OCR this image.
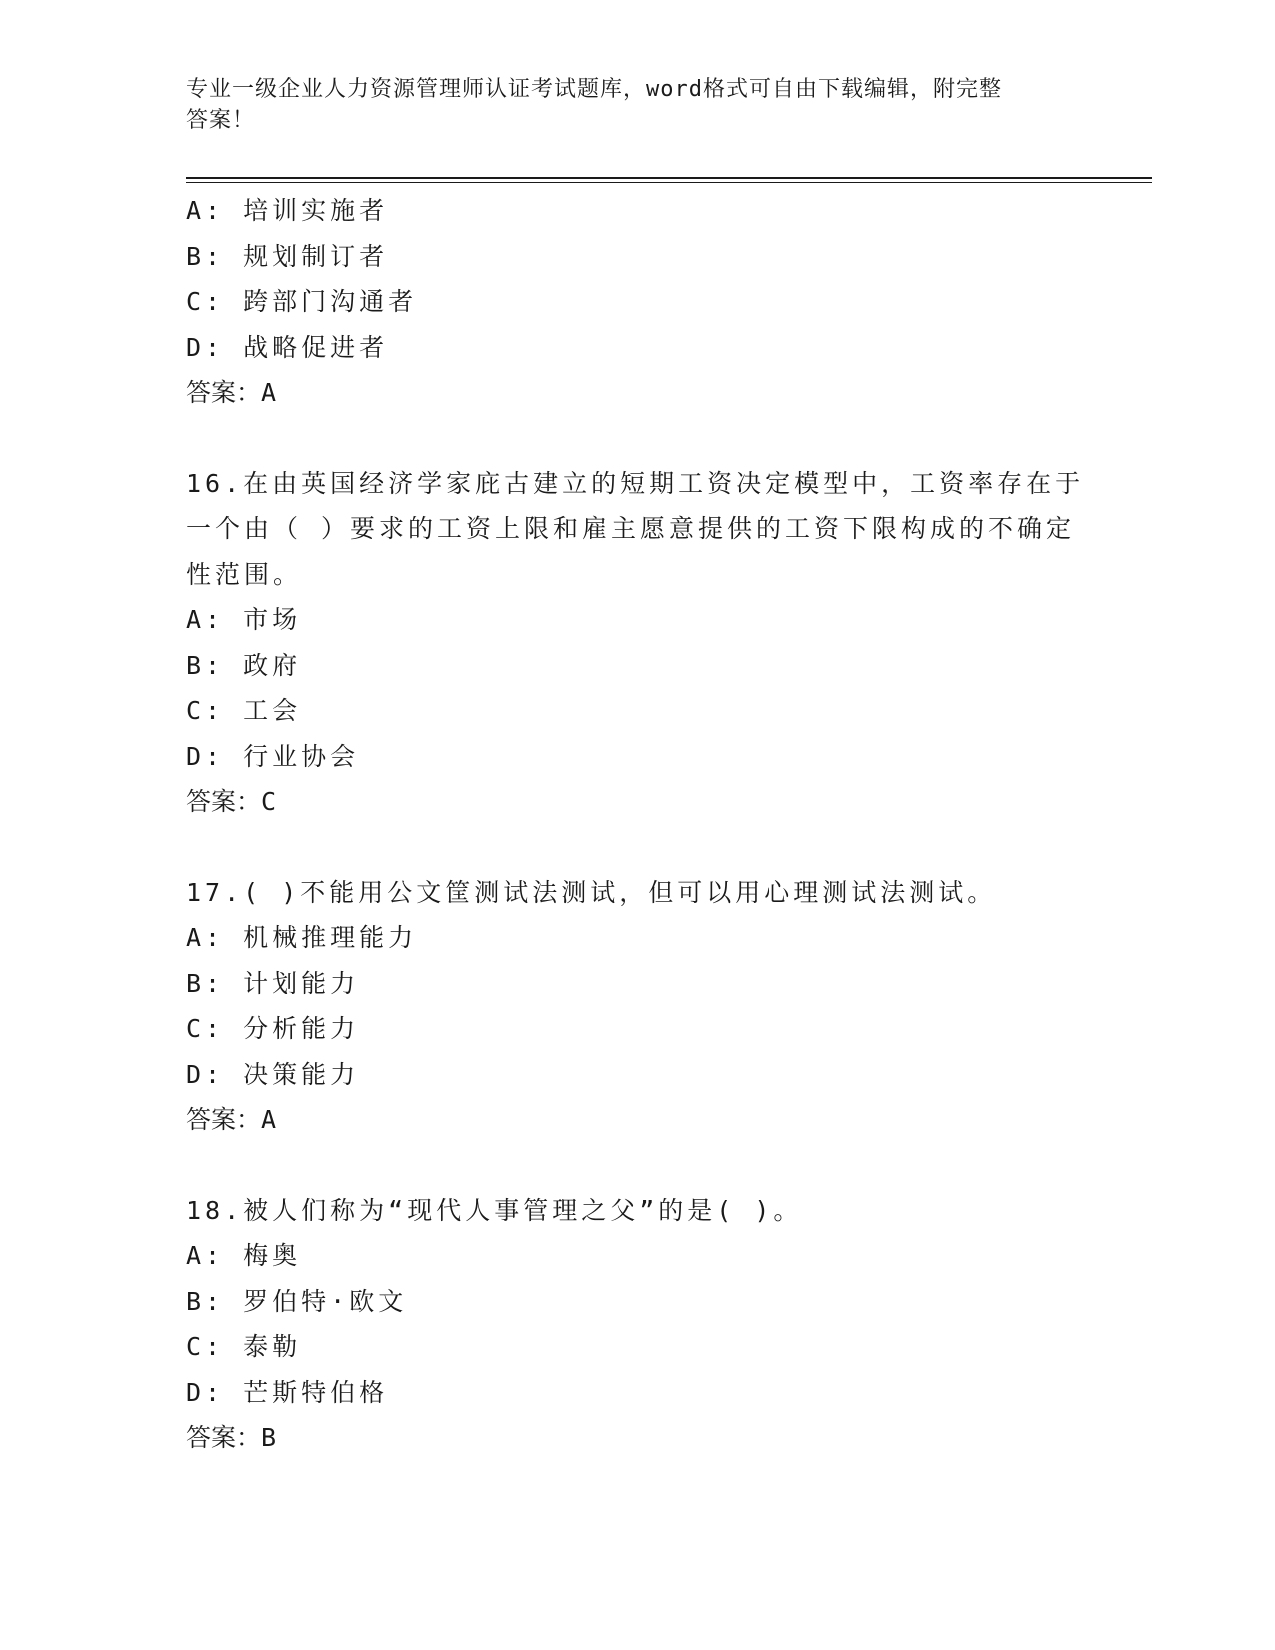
专业一级企业人力资源管理师认证考试题库，word格式可自由下载编辑，附完整
答案！
A: 培训实施者
B: 规划制订者
C: 跨部门沟通者
D: 战略促进者
答案：A
16.在由英国经济学家庇古建立的短期工资决定模型中，工资率存在于
一个由（ ）要求的工资上限和雇主愿意提供的工资下限构成的不确定
性范围。
A: 市场
B: 政府
C: 工会
D: 行业协会
答案：C
17.( )不能用公文筐测试法测试，但可以用心理测试法测试。
A: 机械推理能力
B: 计划能力
C: 分析能力
D: 决策能力
答案：A
18.被人们称为“现代人事管理之父”的是( )。
A: 梅奥
B: 罗伯特·欧文
C: 泰勒
D: 芒斯特伯格
答案：B
